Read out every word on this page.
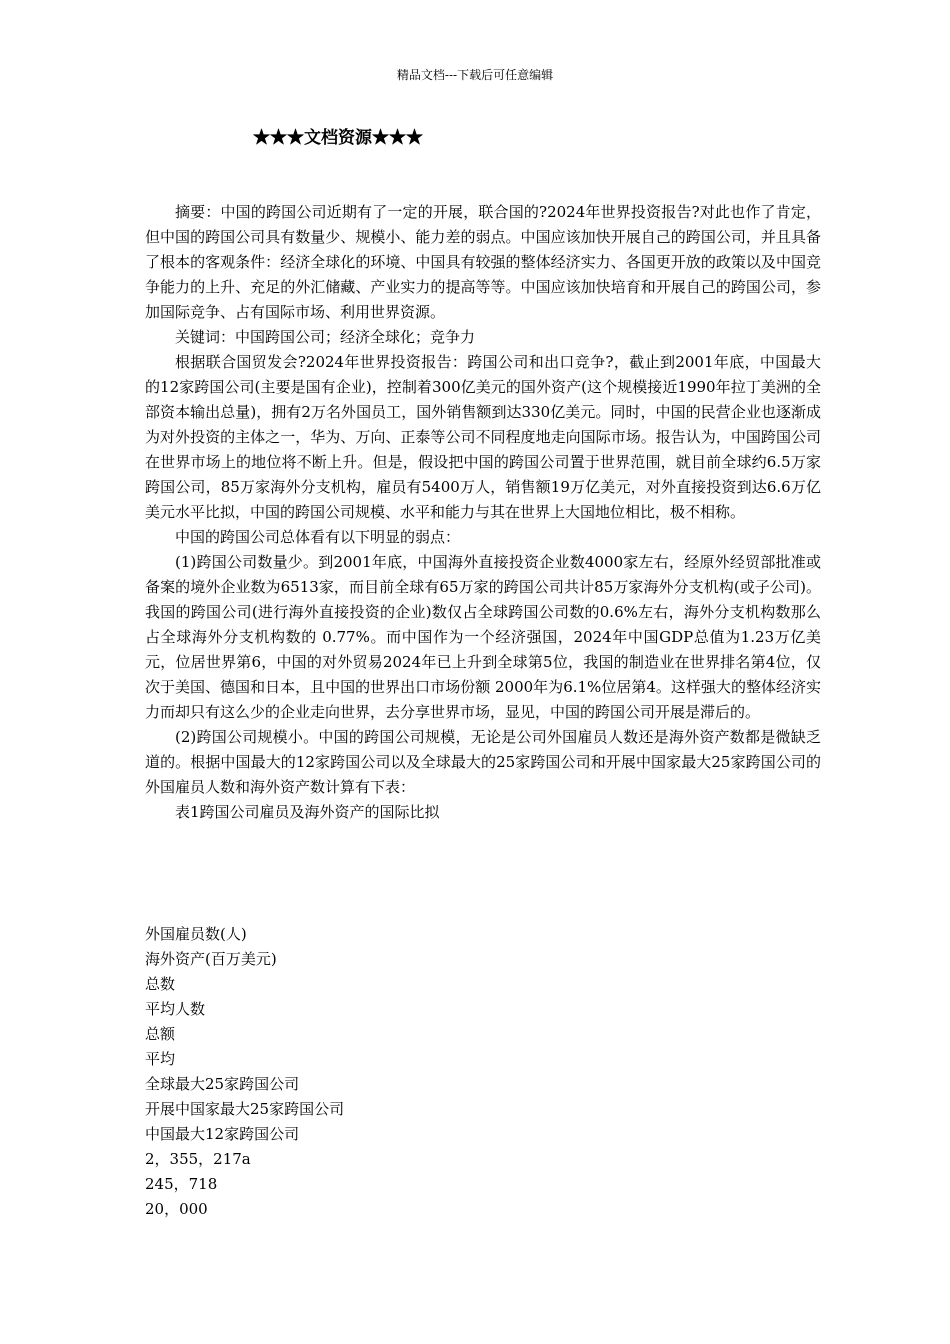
精品文档---下载后可任意编辑
★★★文档资源★★★

摘要：中国的跨国公司近期有了一定的开展，联合国的?2024年世界投资报告?对此也作了肯定，但中国的跨国公司具有数量少、规模小、能力差的弱点。中国应该加快开展自己的跨国公司，并且具备了根本的客观条件：经济全球化的环境、中国具有较强的整体经济实力、各国更开放的政策以及中国竞争能力的上升、充足的外汇储藏、产业实力的提高等等。中国应该加快培育和开展自己的跨国公司，参加国际竞争、占有国际市场、利用世界资源。

关键词：中国跨国公司；经济全球化；竞争力

根据联合国贸发会?2024年世界投资报告：跨国公司和出口竞争?，截止到2001年底，中国最大的12家跨国公司(主要是国有企业)，控制着300亿美元的国外资产(这个规模接近1990年拉丁美洲的全部资本输出总量)，拥有2万名外国员工，国外销售额到达330亿美元。同时，中国的民营企业也逐渐成为对外投资的主体之一，华为、万向、正泰等公司不同程度地走向国际市场。报告认为，中国跨国公司在世界市场上的地位将不断上升。但是，假设把中国的跨国公司置于世界范围，就目前全球约6.5万家跨国公司，85万家海外分支机构，雇员有5400万人，销售额19万亿美元，对外直接投资到达6.6万亿美元水平比拟，中国的跨国公司规模、水平和能力与其在世界上大国地位相比，极不相称。

中国的跨国公司总体看有以下明显的弱点：

(1)跨国公司数量少。到2001年底，中国海外直接投资企业数4000家左右，经原外经贸部批准或备案的境外企业数为6513家，而目前全球有65万家的跨国公司共计85万家海外分支机构(或子公司)。我国的跨国公司(进行海外直接投资的企业)数仅占全球跨国公司数的0.6%左右，海外分支机构数那么占全球海外分支机构数的 0.77%。而中国作为一个经济强国，2024年中国GDP总值为1.23万亿美元，位居世界第6，中国的对外贸易2024年已上升到全球第5位，我国的制造业在世界排名第4位，仅次于美国、德国和日本，且中国的世界出口市场份额 2000年为6.1%位居第4。这样强大的整体经济实力而却只有这么少的企业走向世界，去分享世界市场，显见，中国的跨国公司开展是滞后的。

(2)跨国公司规模小。中国的跨国公司规模，无论是公司外国雇员人数还是海外资产数都是微缺乏道的。根据中国最大的12家跨国公司以及全球最大的25家跨国公司和开展中国家最大25家跨国公司的外国雇员人数和海外资产数计算有下表：

表1跨国公司雇员及海外资产的国际比拟

外国雇员数(人)
海外资产(百万美元)
总数
平均人数
总额
平均
全球最大25家跨国公司
开展中国家最大25家跨国公司
中国最大12家跨国公司
2，355，217a
245，718
20，000
